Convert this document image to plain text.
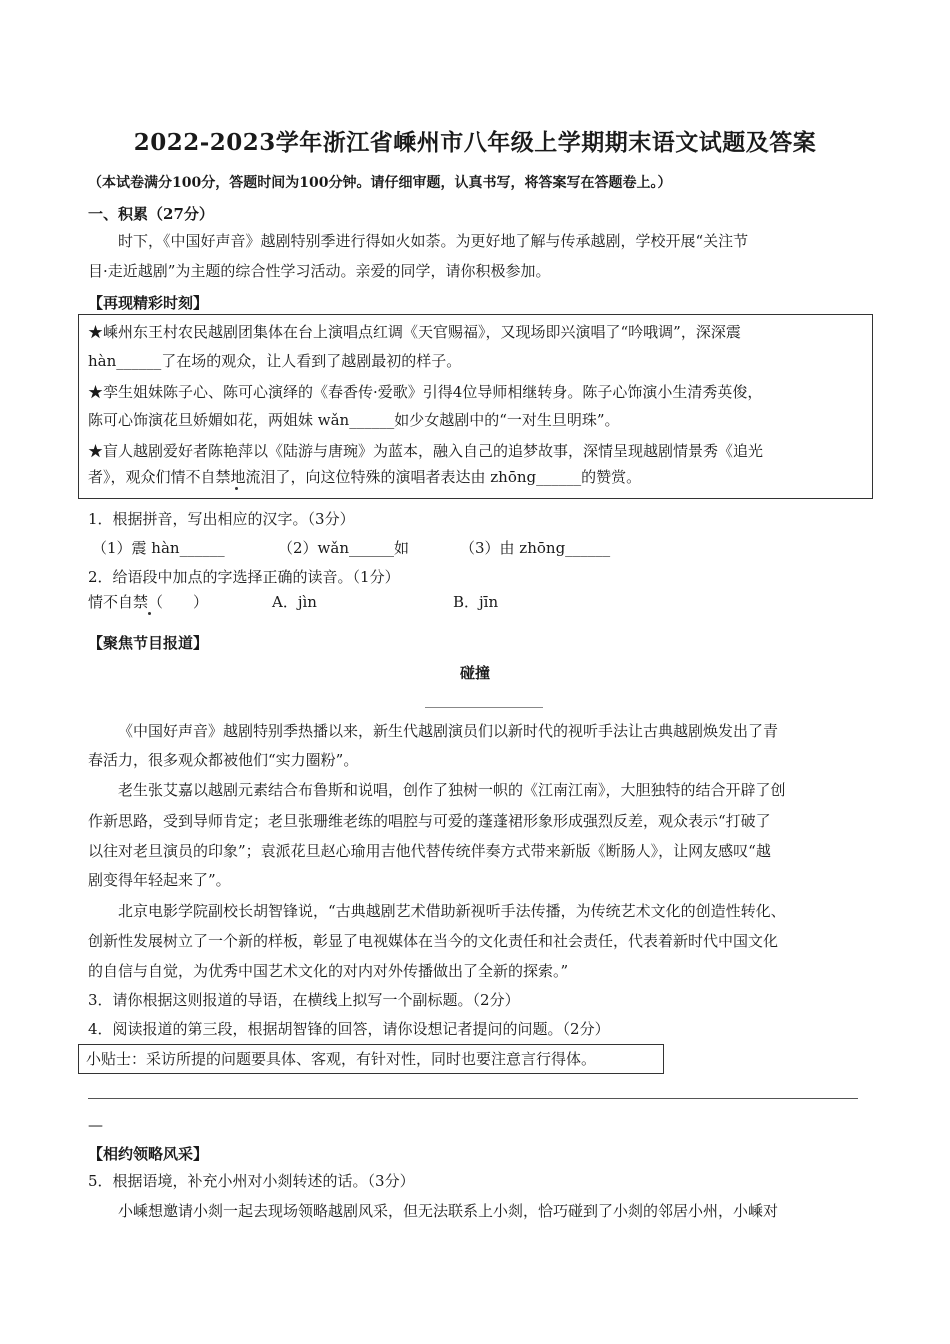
2022-2023学年浙江省嵊州市八年级上学期期末语文试题及答案
（本试卷满分100分，答题时间为100分钟。请仔细审题，认真书写，将答案写在答题卷上。）
一、积累（27分）
时下，《中国好声音》越剧特别季进行得如火如荼。为更好地了解与传承越剧，学校开展“关注节
目·走近越剧”为主题的综合性学习活动。亲爱的同学，请你积极参加。
【再现精彩时刻】
★嵊州东王村农民越剧团集体在台上演唱点红调《天官赐福》，又现场即兴演唱了“吟哦调”，深深震
hàn______了在场的观众，让人看到了越剧最初的样子。
★孪生姐妹陈子心、陈可心演绎的《春香传·爱歌》引得4位导师相继转身。陈子心饰演小生清秀英俊，
陈可心饰演花旦娇媚如花，两姐妹 wǎn______如少女越剧中的“一对生旦明珠”。
★盲人越剧爱好者陈艳萍以《陆游与唐琬》为蓝本，融入自己的追梦故事，深情呈现越剧情景秀《追光
者》，观众们情不自禁地流泪了，向这位特殊的演唱者表达由 zhōng______的赞赏。
1．根据拼音，写出相应的汉字。（3分）
（1）震 hàn______	（2）wǎn______如	（3）由 zhōng______
2．给语段中加点的字选择正确的读音。（1分）
情不自禁（　　）	A．jìn	B．jīn
【聚焦节目报道】
碰撞
《中国好声音》越剧特别季热播以来，新生代越剧演员们以新时代的视听手法让古典越剧焕发出了青
春活力，很多观众都被他们“实力圈粉”。
老生张艾嘉以越剧元素结合布鲁斯和说唱，创作了独树一帜的《江南江南》，大胆独特的结合开辟了创
作新思路，受到导师肯定；老旦张珊维老练的唱腔与可爱的蓬蓬裙形象形成强烈反差，观众表示“打破了
以往对老旦演员的印象”；袁派花旦赵心瑜用吉他代替传统伴奏方式带来新版《断肠人》，让网友感叹“越
剧变得年轻起来了”。
北京电影学院副校长胡智锋说，“古典越剧艺术借助新视听手法传播，为传统艺术文化的创造性转化、
创新性发展树立了一个新的样板，彰显了电视媒体在当今的文化责任和社会责任，代表着新时代中国文化
的自信与自觉，为优秀中国艺术文化的对内对外传播做出了全新的探索。”
3．请你根据这则报道的导语，在横线上拟写一个副标题。（2分）
4．阅读报道的第三段，根据胡智锋的回答，请你设想记者提问的问题。（2分）
小贴士：采访所提的问题要具体、客观，有针对性，同时也要注意言行得体。
—
【相约领略风采】
5．根据语境，补充小州对小剡转述的话。（3分）
小嵊想邀请小剡一起去现场领略越剧风采，但无法联系上小剡，恰巧碰到了小剡的邻居小州，小嵊对
